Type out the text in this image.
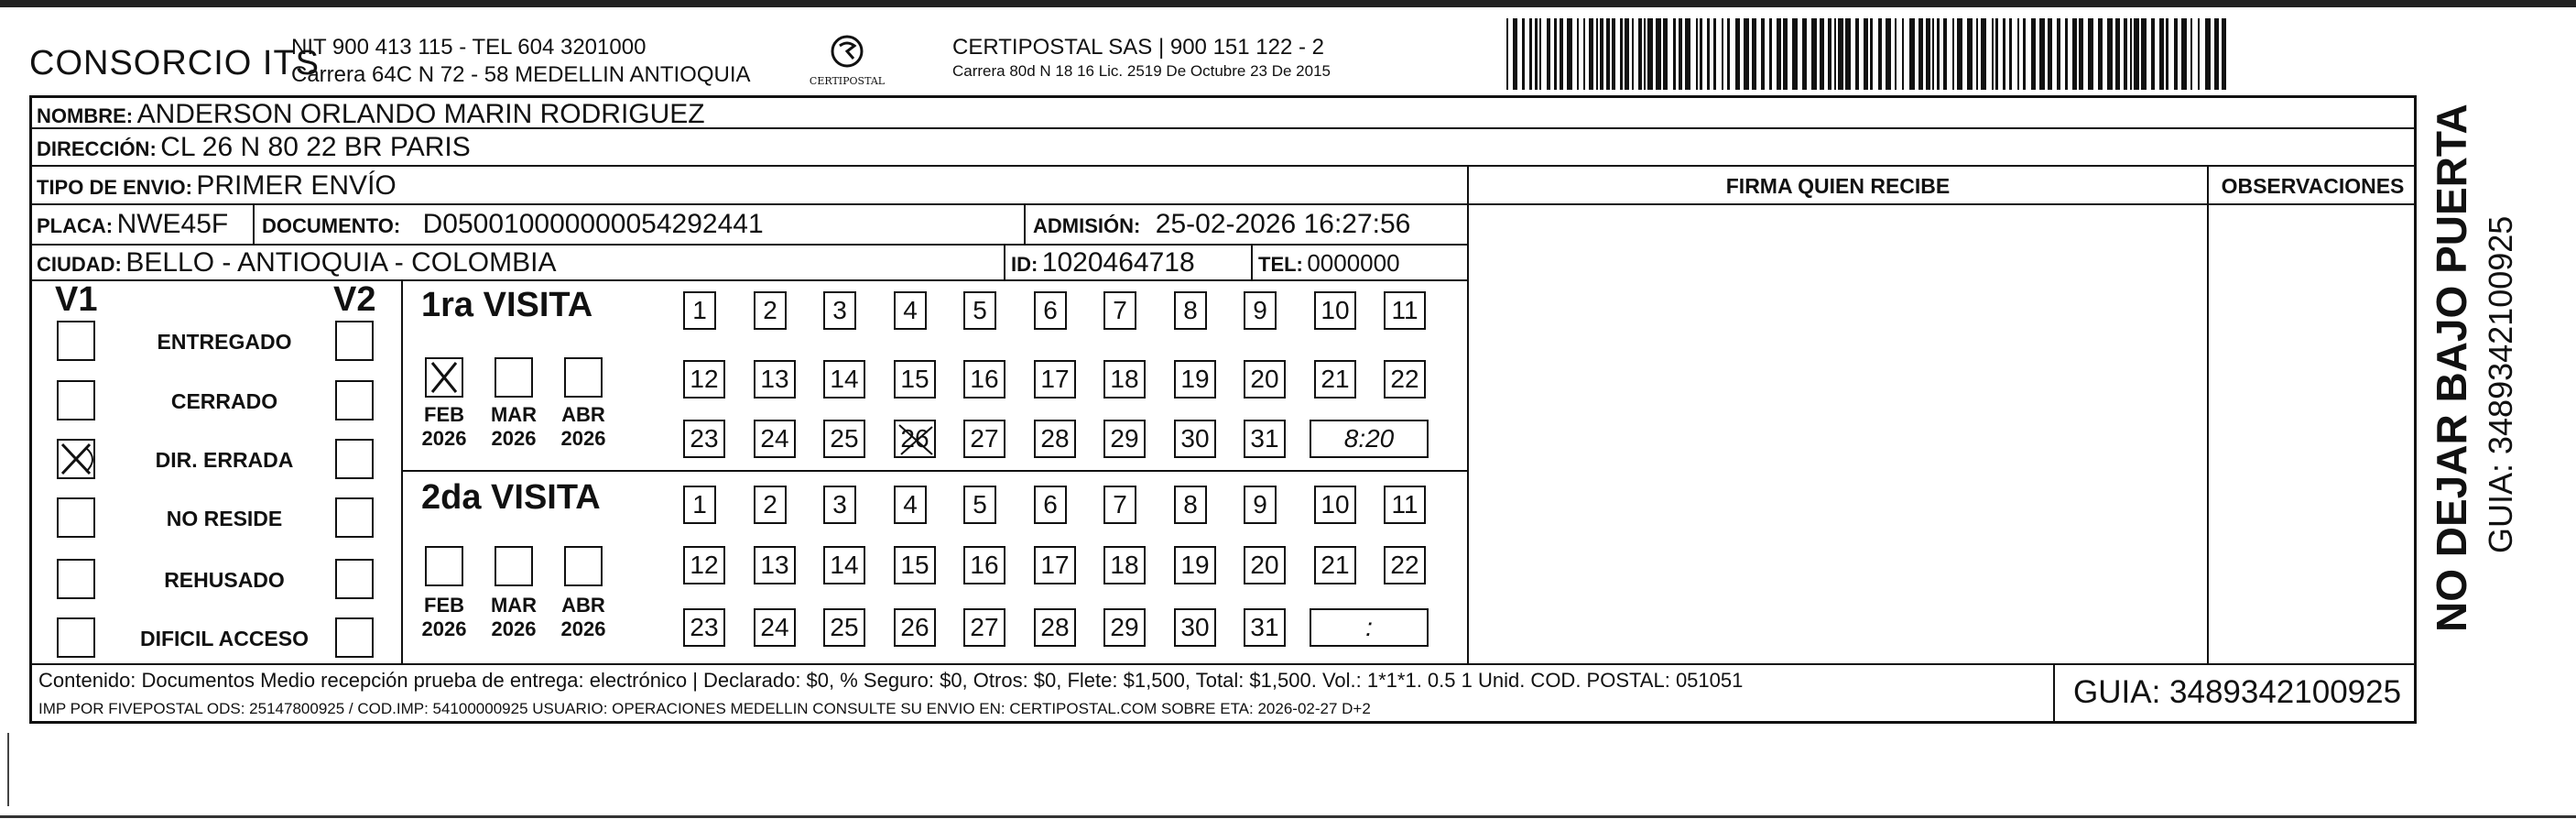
CONSORCIO ITS
NIT 900 413 115 - TEL 604 3201000
Carrera 64C N 72 - 58 MEDELLIN ANTIOQUIA	CERTIPOSTAL
CERTIPOSTAL SAS | 900 151 122 - 2
Carrera 80d N 18 16 Lic. 2519 De Octubre 23 De 2015
NOMBRE: ANDERSON ORLANDO MARIN RODRIGUEZ
DIRECCIÓN: CL 26 N 80 22 BR PARIS
TIPO DE ENVIO: PRIMER ENVÍO
PLACA: NWE45F DOCUMENTO: D050010000000054292441	ADMISIÓN: 25-02-2026 16:27:56
CIUDAD: BELLO - ANTIOQUIA - COLOMBIA	ID: 1020464718	TEL: 0000000
FIRMA QUIEN RECIBE	OBSERVACIONES
V1	V2
ENTREGADO
CERRADO
DIR. ERRADA
NO RESIDE
REHUSADO
DIFICIL ACCESO
1ra VISITA
FEB
2026
MAR
2026
ABR
2026
1	2	3	4	5	6	7	8	9	10	11
12 13 14 15 16 17 18 19 20 21 22
23 24 25 26 27 28 29 30 31	8:20
2da VISITA
FEB
2026
MAR
2026
ABR
2026
1	2	3	4	5	6	7	8	9	10	11
12 13 14 15 16 17 18 19 20 21 22
23 24 25 26 27 28 29 30 31	:	NO DEJAR BAJO PUERTA GUIA: 3489342100925
Contenido: Documentos Medio recepción prueba de entrega: electrónico | Declarado: $0, % Seguro: $0, Otros: $0, Flete: $1,500, Total: $1,500. Vol.: 1*1*1. 0.5 1 Unid. COD. POSTAL: 051051
IMP POR FIVEPOSTAL ODS: 25147800925 / COD.IMP: 54100000925 USUARIO: OPERACIONES MEDELLIN CONSULTE SU ENVIO EN: CERTIPOSTAL.COM SOBRE ETA: 2026-02-27 D+2	GUIA: 3489342100925
